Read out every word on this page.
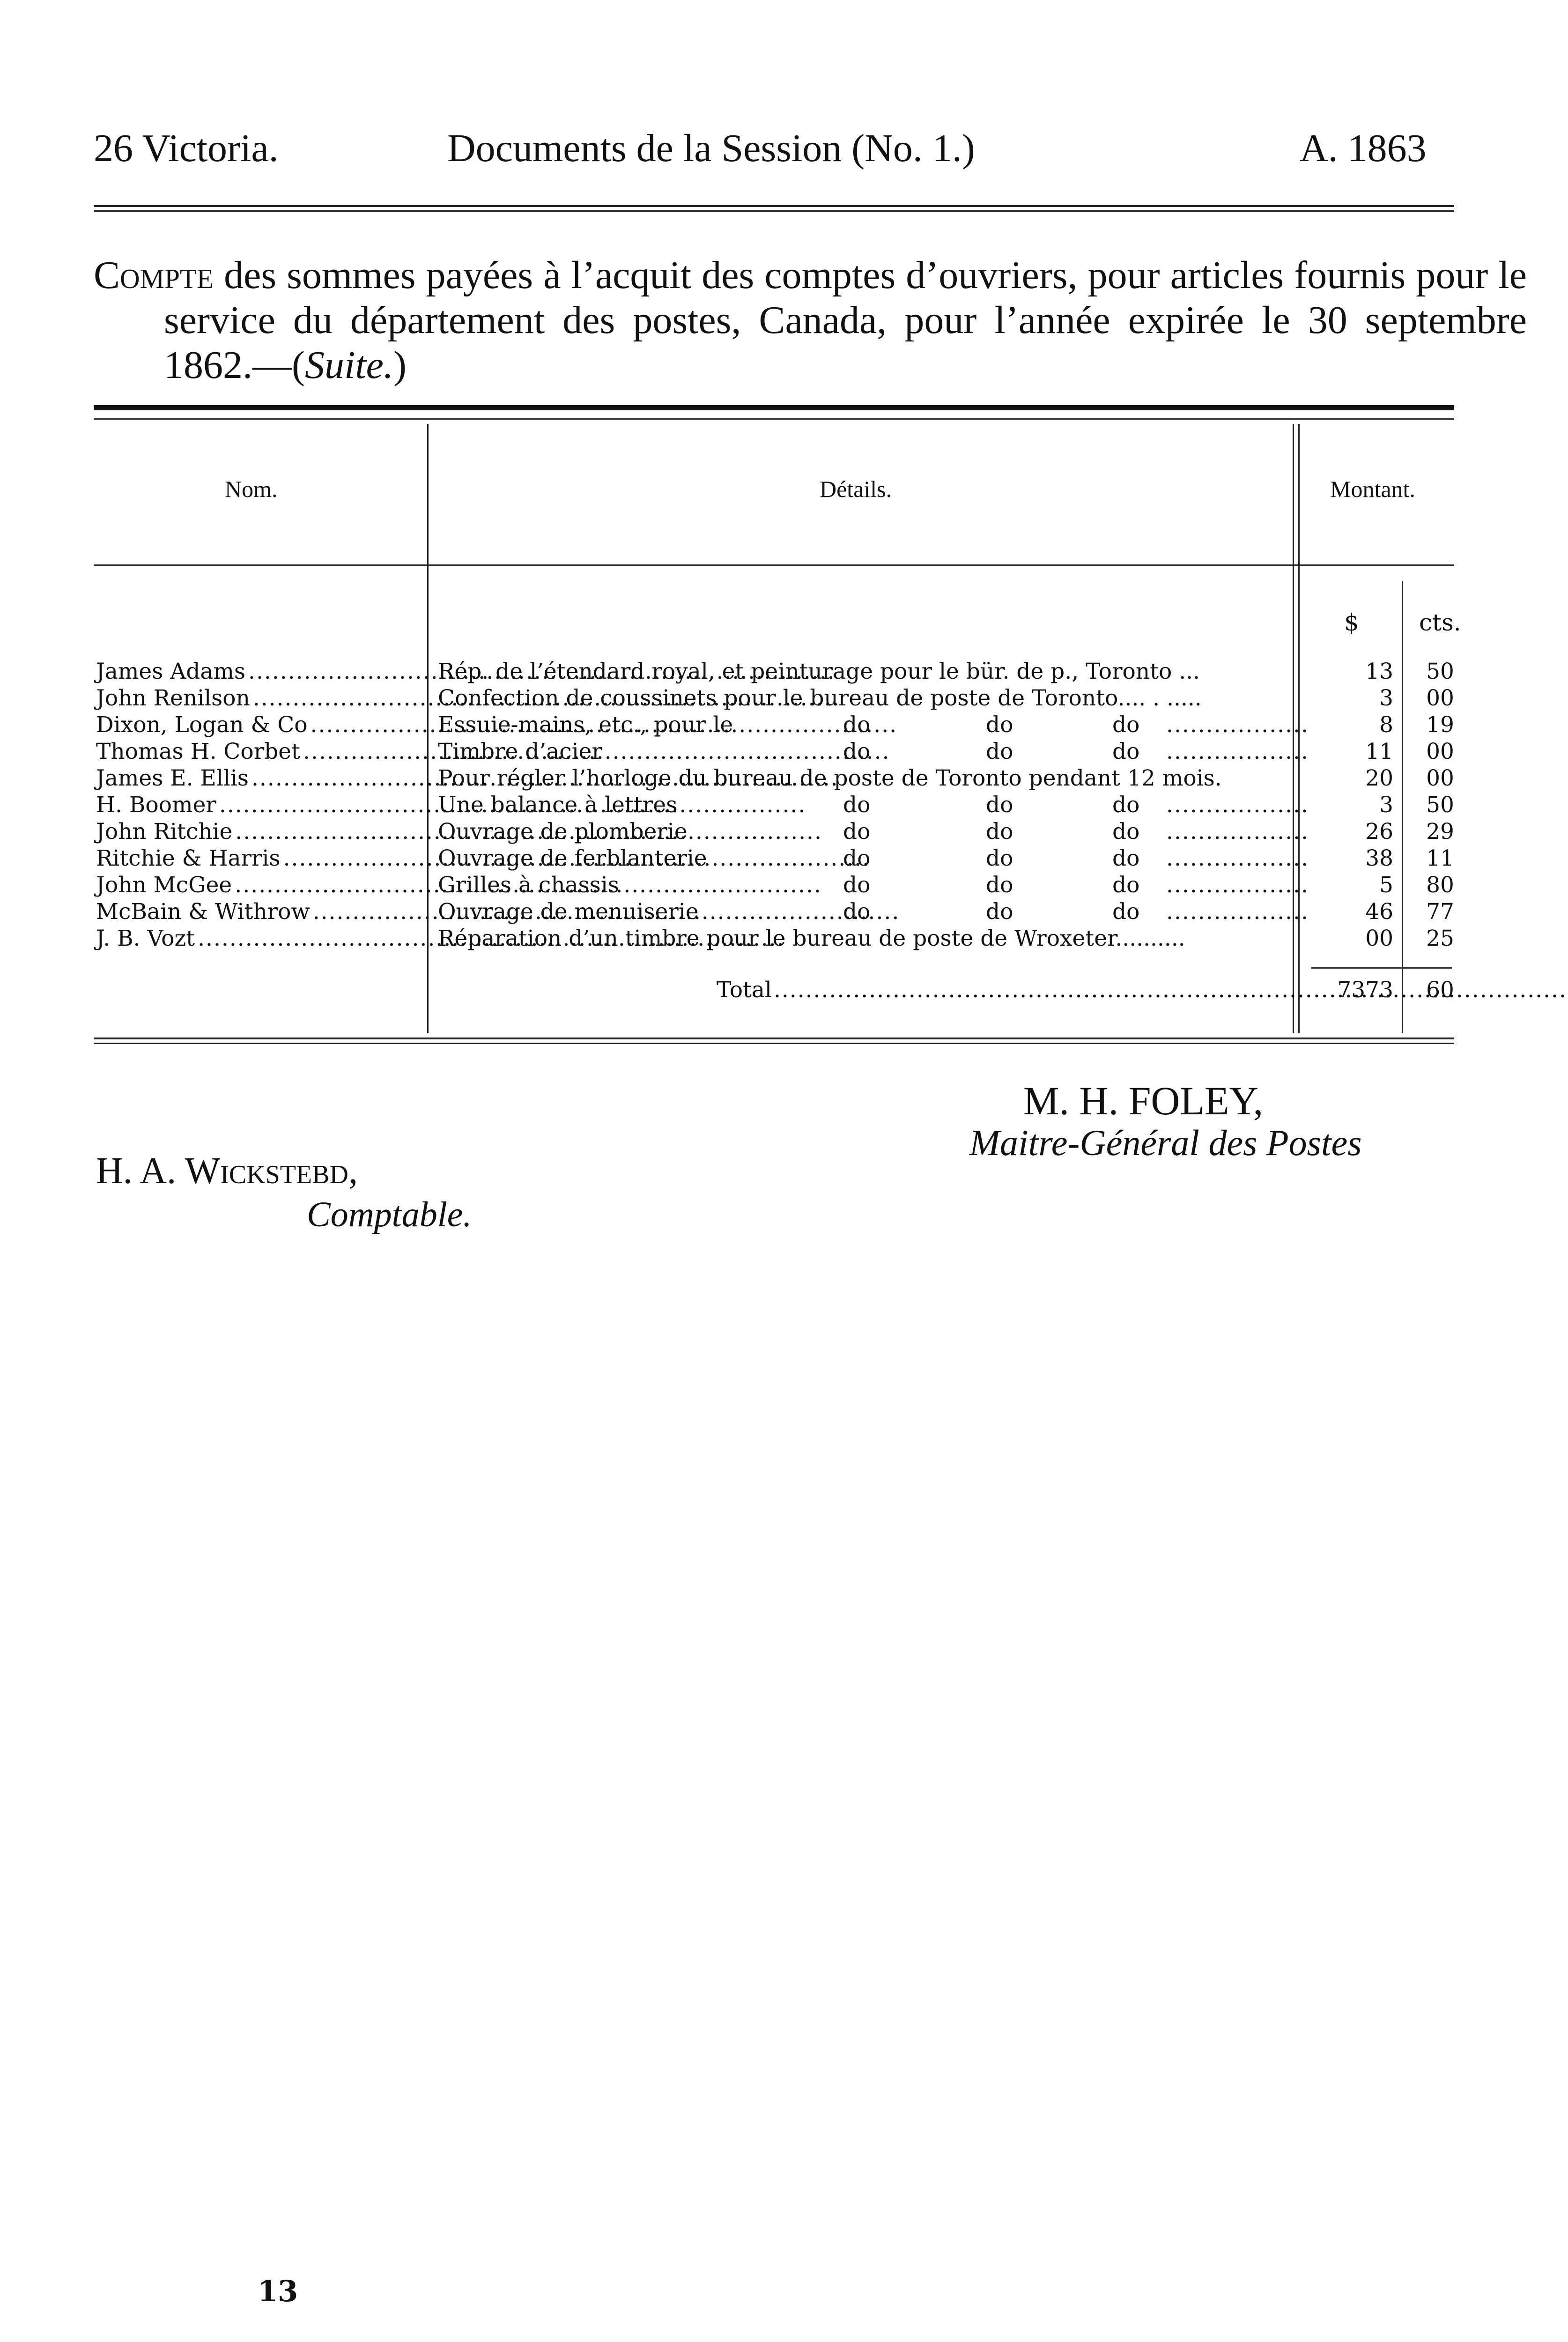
26 Victoria.	Documents de la Session (No. 1.)	A. 1863
Compte des sommes payées à l’acquit des comptes d’ouvriers, pour articles fournis pour le service du département des postes, Canada, pour l’année expirée le 30 septembre 1862.—(Suite.)
Nom.	Détails.	Montant.
$	cts.
James Adams .....	Rép. de l’étendard royal, et peinturage pour le bür. de p., Toronto ...	13	50
John Renilson .....	Confection de coussinets pour le bureau de poste de Toronto.... . .....	3	00
Dixon, Logan & Co .....	Essuie-mains, etc., pour le	do	do	do ..................	8	19
Thomas H. Corbet .....	Timbre d’acier	do	do	do ..................	11	00
James E. Ellis .....	Pour régler l’horloge du bureau de poste de Toronto pendant 12 mois.	20	00
H. Boomer .....	Une balance à lettres	do	do	do ..................	3	50
John Ritchie .....	Ouvrage de plomberie	do	do	do ..................	26	29
Ritchie & Harris .....	Ouvrage de ferblanterie	do	do	do ..................	38	11
John McGee .....	Grilles à chassis	do	do	do ..................	5	80
McBain & Withrow .....	Ouvrage de menuiserie	do	do	do ..................	46	77
J. B. Vozt .....	Réparation d’un timbre pour le bureau de poste de Wroxeter..........	00	25
Total .....	7373	60
M. H. FOLEY,
Maitre-Général des Postes
H. A. Wickstebd,
Comptable.
13
